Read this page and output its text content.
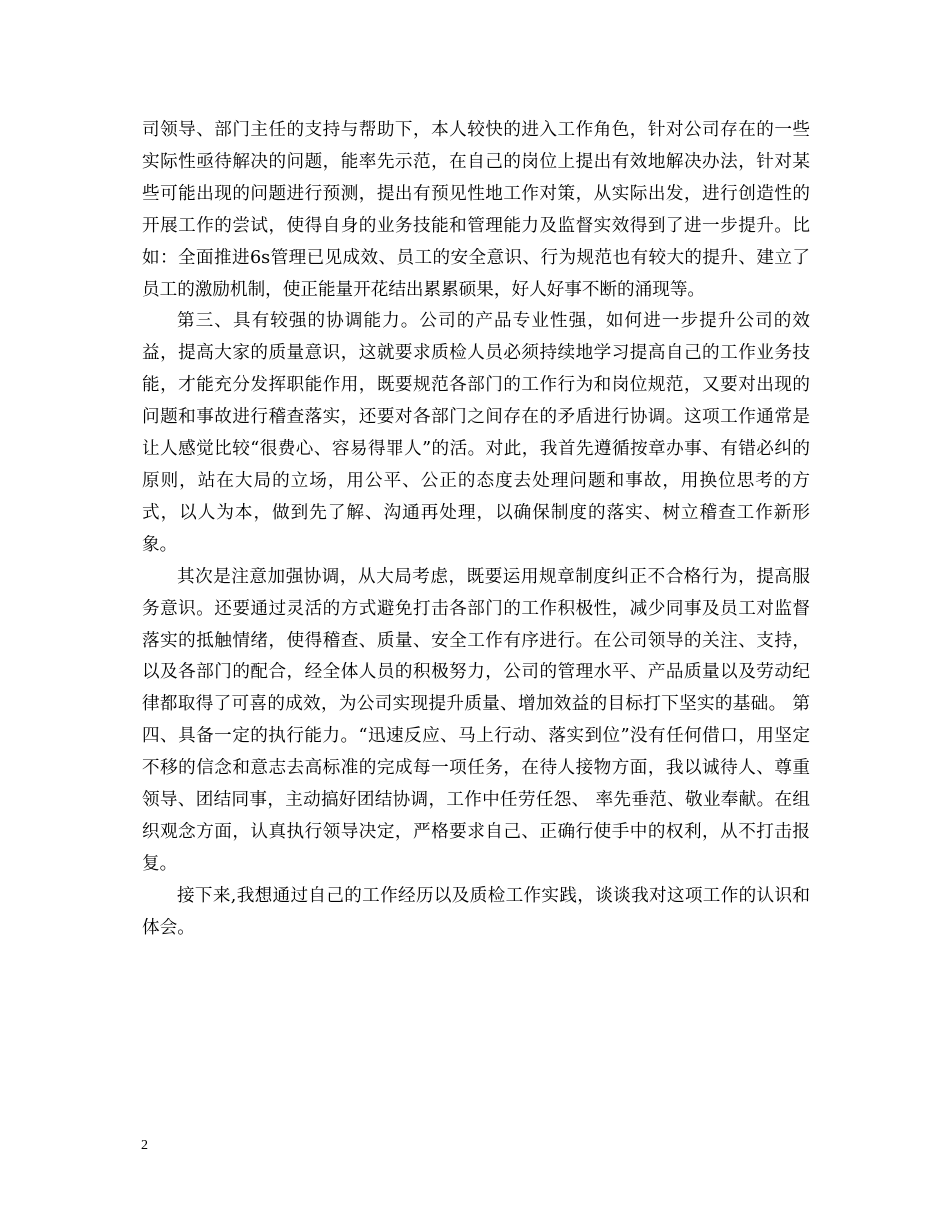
司领导、部门主任的支持与帮助下，本人较快的进入工作角色，针对公司存在的一些实际性亟待解决的问题，能率先示范，在自己的岗位上提出有效地解决办法，针对某些可能出现的问题进行预测，提出有预见性地工作对策，从实际出发，进行创造性的开展工作的尝试，使得自身的业务技能和管理能力及监督实效得到了进一步提升。比如：全面推进6s管理已见成效、员工的安全意识、行为规范也有较大的提升、建立了员工的激励机制，使正能量开花结出累累硕果，好人好事不断的涌现等。

第三、具有较强的协调能力。公司的产品专业性强，如何进一步提升公司的效益，提高大家的质量意识，这就要求质检人员必须持续地学习提高自己的工作业务技能，才能充分发挥职能作用，既要规范各部门的工作行为和岗位规范，又要对出现的问题和事故进行稽查落实，还要对各部门之间存在的矛盾进行协调。这项工作通常是让人感觉比较“很费心、容易得罪人”的活。对此，我首先遵循按章办事、有错必纠的原则，站在大局的立场，用公平、公正的态度去处理问题和事故，用换位思考的方式，以人为本，做到先了解、沟通再处理，以确保制度的落实、树立稽查工作新形象。

其次是注意加强协调，从大局考虑，既要运用规章制度纠正不合格行为，提高服务意识。还要通过灵活的方式避免打击各部门的工作积极性，减少同事及员工对监督落实的抵触情绪，使得稽查、质量、安全工作有序进行。在公司领导的关注、支持，以及各部门的配合，经全体人员的积极努力，公司的管理水平、产品质量以及劳动纪律都取得了可喜的成效，为公司实现提升质量、增加效益的目标打下坚实的基础。 第四、具备一定的执行能力。“迅速反应、马上行动、落实到位”没有任何借口，用坚定不移的信念和意志去高标准的完成每一项任务，在待人接物方面，我以诚待人、尊重领导、团结同事，主动搞好团结协调，工作中任劳任怨、 率先垂范、敬业奉献。在组织观念方面，认真执行领导决定，严格要求自己、正确行使手中的权利，从不打击报复。

接下来,我想通过自己的工作经历以及质检工作实践，谈谈我对这项工作的认识和体会。

2
